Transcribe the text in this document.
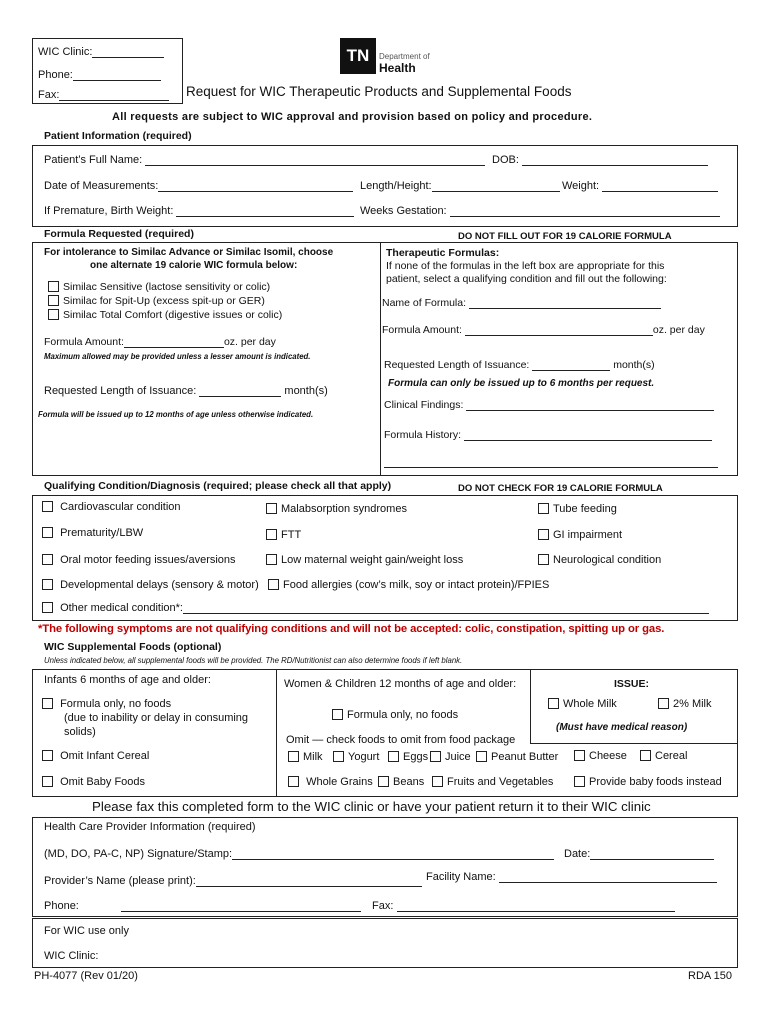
WIC Clinic:
Phone:
Fax:
TN	Department of
Health
Request for WIC Therapeutic Products and Supplemental Foods
All requests are subject to WIC approval and provision based on policy and procedure.
Patient Information (required)
Patient’s Full Name:	DOB:
Date of Measurements:	Length/Height:	Weight:
If Premature, Birth Weight:	Weeks Gestation:
Formula Requested (required)	DO NOT FILL OUT FOR 19 CALORIE FORMULA
For intolerance to Similac Advance or Similac Isomil, choose
one alternate 19 calorie WIC formula below:
Similac Sensitive (lactose sensitivity or colic)
Similac for Spit-Up (excess spit-up or GER)
Similac Total Comfort (digestive issues or colic)
Formula Amount:	oz. per day
Maximum allowed may be provided unless a lesser amount is indicated.
Requested Length of Issuance:	month(s)
Formula will be issued up to 12 months of age unless otherwise indicated.
Therapeutic Formulas:
If none of the formulas in the left box are appropriate for this
patient, select a qualifying condition and fill out the following:
Name of Formula:
Formula Amount:	oz. per day
Requested Length of Issuance:	month(s)
Formula can only be issued up to 6 months per request.
Clinical Findings:
Formula History:
Qualifying Condition/Diagnosis (required; please check all that apply)	DO NOT CHECK FOR 19 CALORIE FORMULA
Cardiovascular condition	Malabsorption syndromes	Tube feeding
Prematurity/LBW	FTT	GI impairment
Oral motor feeding issues/aversions	Low maternal weight gain/weight loss	Neurological condition
Developmental delays (sensory & motor)	Food allergies (cow’s milk, soy or intact protein)/FPIES
Other medical condition*:
*The following symptoms are not qualifying conditions and will not be accepted: colic, constipation, spitting up or gas.
WIC Supplemental Foods (optional)
Unless indicated below, all supplemental foods will be provided. The RD/Nutritionist can also determine foods if left blank.
Infants 6 months of age and older:
Formula only, no foods
(due to inability or delay in consuming
solids)
Omit Infant Cereal
Omit Baby Foods
Women & Children 12 months of age and older:
Formula only, no foods
Omit — check foods to omit from food package
Milk	Yogurt	Eggs	Juice	Peanut Butter	Cheese	Cereal
Whole Grains	Beans	Fruits and Vegetables	Provide baby foods instead
ISSUE:
Whole Milk	2% Milk
(Must have medical reason)
Please fax this completed form to the WIC clinic or have your patient return it to their WIC clinic
Health Care Provider Information (required)
(MD, DO, PA-C, NP) Signature/Stamp:	Date:
Provider’s Name (please print):	Facility Name:
Phone:	Fax:
For WIC use only
WIC Clinic:
PH-4077 (Rev 01/20)	RDA 150
